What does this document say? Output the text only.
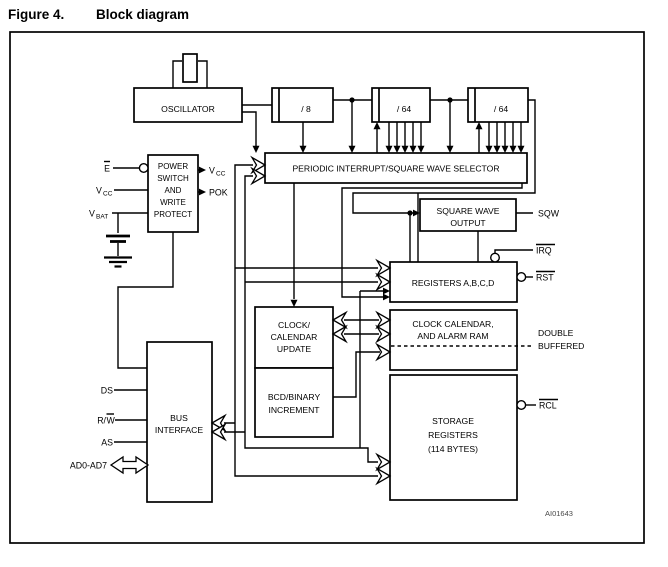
Figure 4. Block diagram
OSCILLATOR	/ 8	/ 64	/ 64
PERIODIC INTERRUPT/SQUARE WAVE SELECTOR
POWER
SWITCH
AND
WRITE
PROTECT	SQUARE WAVE
OUTPUT
REGISTERS A,B,C,D
CLOCK CALENDAR,
AND ALARM RAM
STORAGE
REGISTERS
(114 BYTES)
CLOCK/
CALENDAR
UPDATE
BCD/BINARY
INCREMENT
BUS
INTERFACE
E
V CC
V BAT
V CC
POK
DS
R/ W
AS
AD0-AD7
SQW
IRQ
RST
RCL
DOUBLE
BUFFERED
AI01643
